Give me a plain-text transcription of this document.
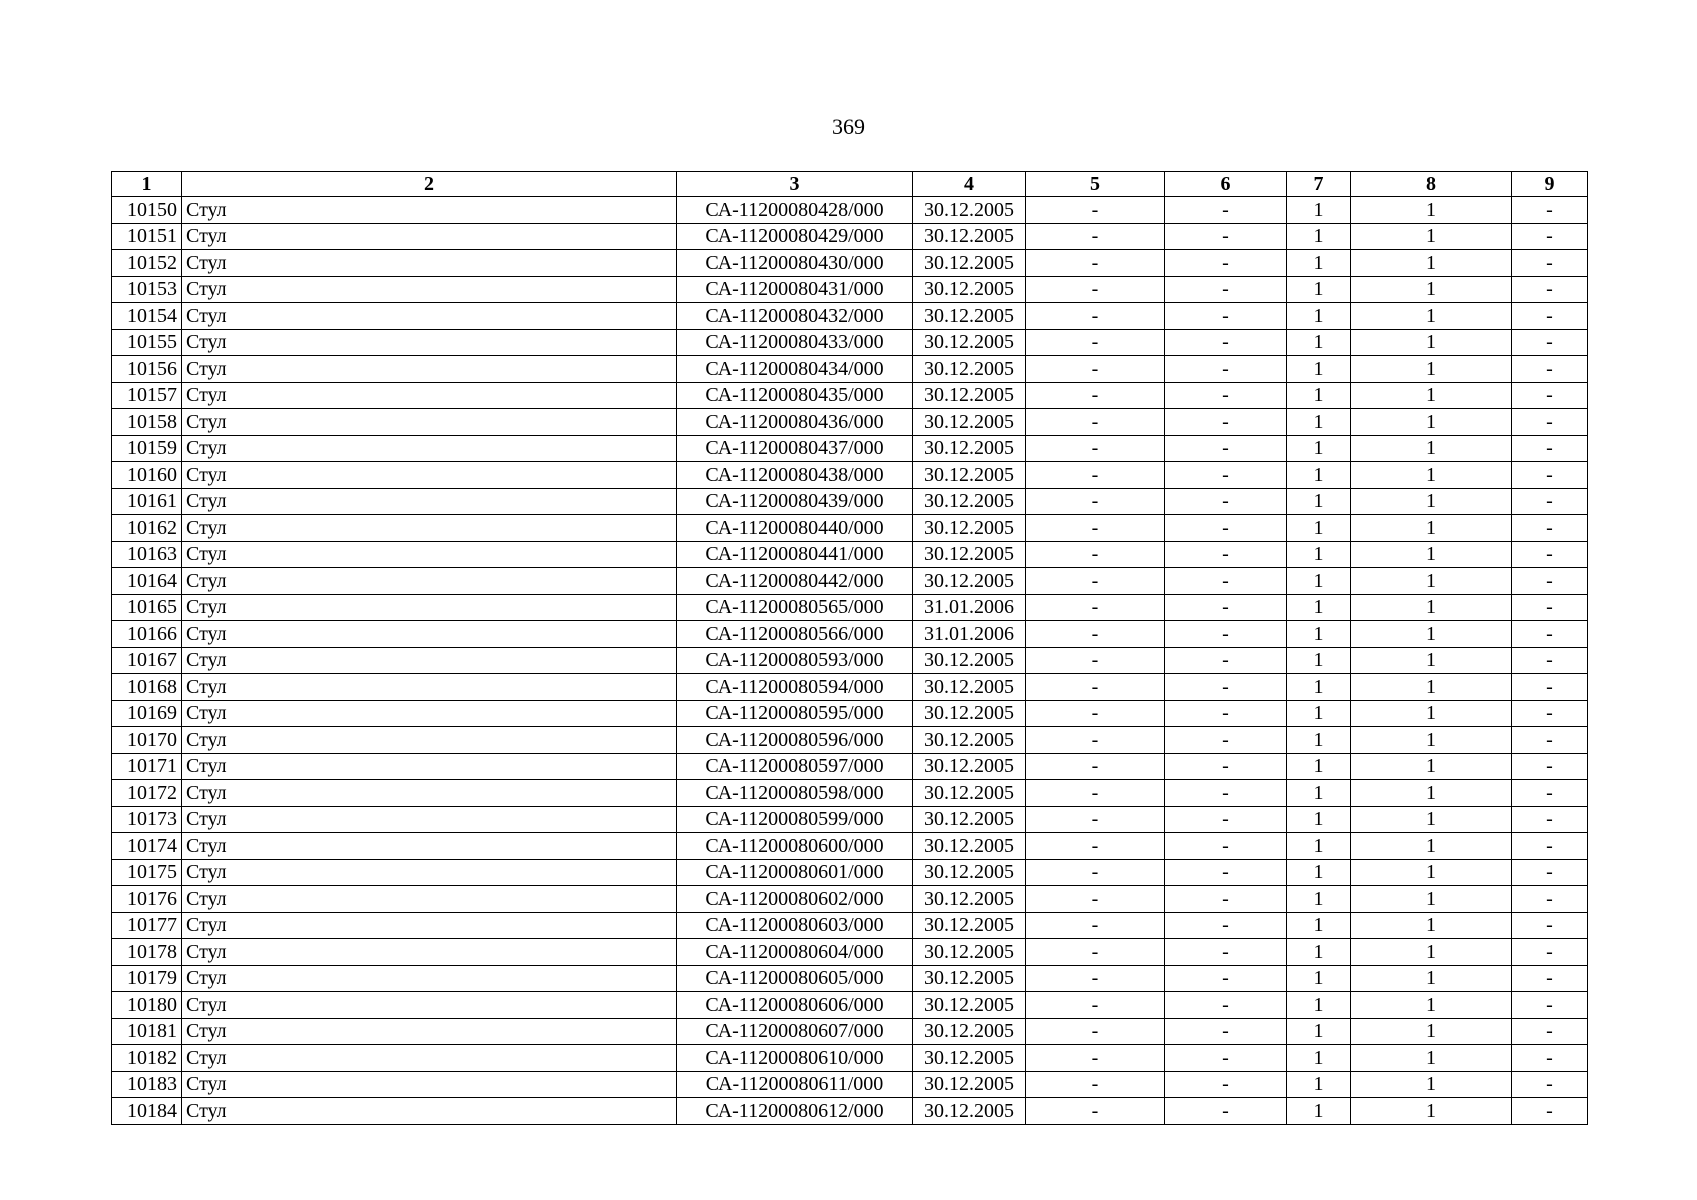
369
1	2	3	4	5	6	7	8	9
10150	Стул	СА-11200080428/000	30.12.2005	-	-	1	1	-
10151	Стул	СА-11200080429/000	30.12.2005	-	-	1	1	-
10152	Стул	СА-11200080430/000	30.12.2005	-	-	1	1	-
10153	Стул	СА-11200080431/000	30.12.2005	-	-	1	1	-
10154	Стул	СА-11200080432/000	30.12.2005	-	-	1	1	-
10155	Стул	СА-11200080433/000	30.12.2005	-	-	1	1	-
10156	Стул	СА-11200080434/000	30.12.2005	-	-	1	1	-
10157	Стул	СА-11200080435/000	30.12.2005	-	-	1	1	-
10158	Стул	СА-11200080436/000	30.12.2005	-	-	1	1	-
10159	Стул	СА-11200080437/000	30.12.2005	-	-	1	1	-
10160	Стул	СА-11200080438/000	30.12.2005	-	-	1	1	-
10161	Стул	СА-11200080439/000	30.12.2005	-	-	1	1	-
10162	Стул	СА-11200080440/000	30.12.2005	-	-	1	1	-
10163	Стул	СА-11200080441/000	30.12.2005	-	-	1	1	-
10164	Стул	СА-11200080442/000	30.12.2005	-	-	1	1	-
10165	Стул	СА-11200080565/000	31.01.2006	-	-	1	1	-
10166	Стул	СА-11200080566/000	31.01.2006	-	-	1	1	-
10167	Стул	СА-11200080593/000	30.12.2005	-	-	1	1	-
10168	Стул	СА-11200080594/000	30.12.2005	-	-	1	1	-
10169	Стул	СА-11200080595/000	30.12.2005	-	-	1	1	-
10170	Стул	СА-11200080596/000	30.12.2005	-	-	1	1	-
10171	Стул	СА-11200080597/000	30.12.2005	-	-	1	1	-
10172	Стул	СА-11200080598/000	30.12.2005	-	-	1	1	-
10173	Стул	СА-11200080599/000	30.12.2005	-	-	1	1	-
10174	Стул	СА-11200080600/000	30.12.2005	-	-	1	1	-
10175	Стул	СА-11200080601/000	30.12.2005	-	-	1	1	-
10176	Стул	СА-11200080602/000	30.12.2005	-	-	1	1	-
10177	Стул	СА-11200080603/000	30.12.2005	-	-	1	1	-
10178	Стул	СА-11200080604/000	30.12.2005	-	-	1	1	-
10179	Стул	СА-11200080605/000	30.12.2005	-	-	1	1	-
10180	Стул	СА-11200080606/000	30.12.2005	-	-	1	1	-
10181	Стул	СА-11200080607/000	30.12.2005	-	-	1	1	-
10182	Стул	СА-11200080610/000	30.12.2005	-	-	1	1	-
10183	Стул	СА-11200080611/000	30.12.2005	-	-	1	1	-
10184	Стул	СА-11200080612/000	30.12.2005	-	-	1	1	-
